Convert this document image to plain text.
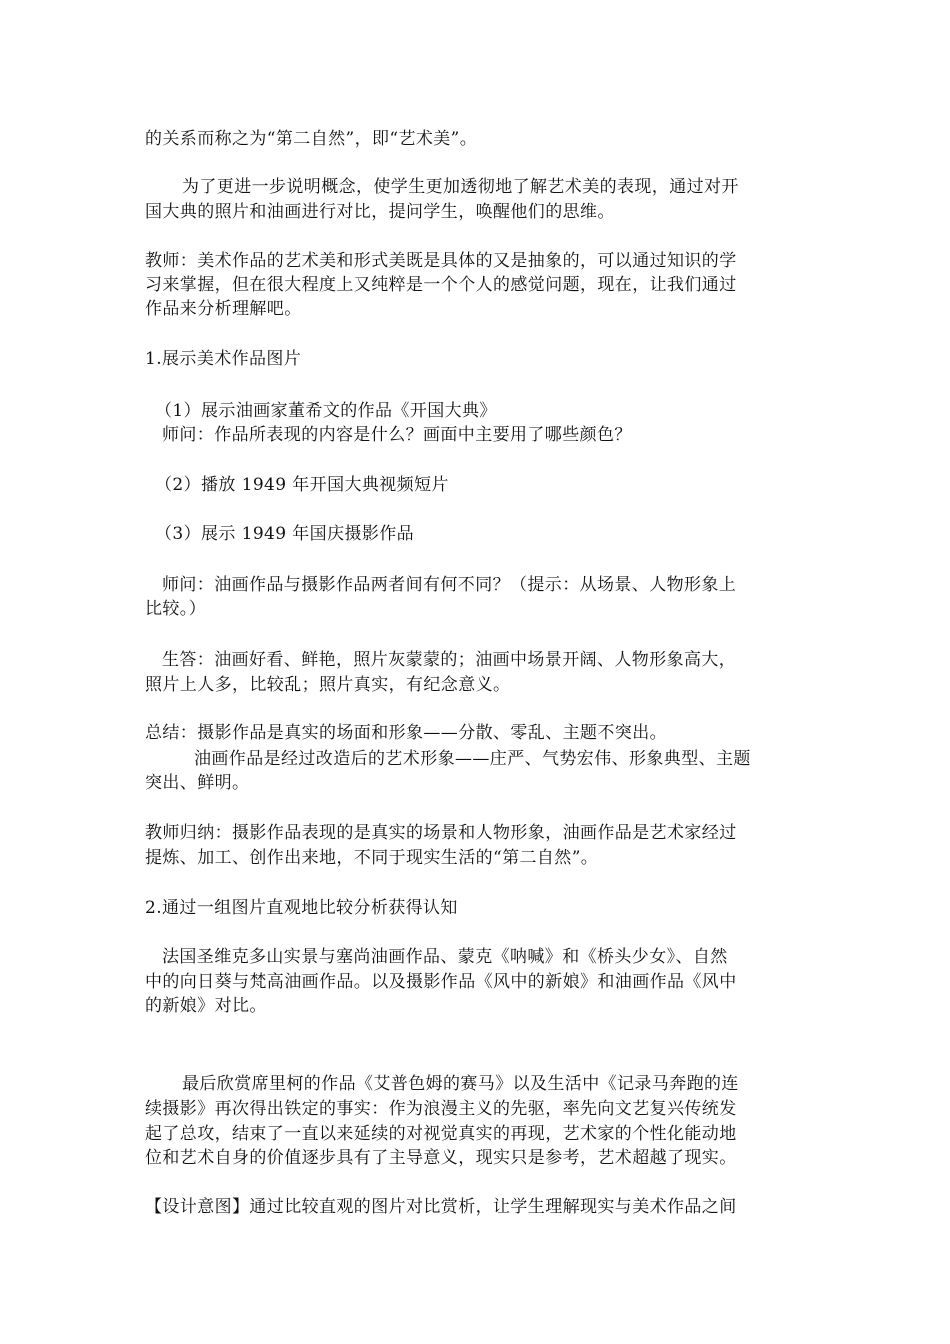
的关系而称之为“第二自然”，即“艺术美”。
为了更进一步说明概念，使学生更加透彻地了解艺术美的表现，通过对开
国大典的照片和油画进行对比，提问学生，唤醒他们的思维。
教师：美术作品的艺术美和形式美既是具体的又是抽象的，可以通过知识的学
习来掌握，但在很大程度上又纯粹是一个个人的感觉问题，现在，让我们通过
作品来分析理解吧。
1.展示美术作品图片
（1）展示油画家董希文的作品《开国大典》
师问：作品所表现的内容是什么？画面中主要用了哪些颜色？
（2）播放 1949 年开国大典视频短片
（3）展示 1949 年国庆摄影作品
师问：油画作品与摄影作品两者间有何不同？（提示：从场景、人物形象上
比较。）
生答：油画好看、鲜艳，照片灰蒙蒙的；油画中场景开阔、人物形象高大，
照片上人多，比较乱；照片真实，有纪念意义。
总结：摄影作品是真实的场面和形象——分散、零乱、主题不突出。
油画作品是经过改造后的艺术形象——庄严、气势宏伟、形象典型、主题
突出、鲜明。
教师归纳：摄影作品表现的是真实的场景和人物形象，油画作品是艺术家经过
提炼、加工、创作出来地，不同于现实生活的“第二自然”。
2.通过一组图片直观地比较分析获得认知
法国圣维克多山实景与塞尚油画作品、蒙克《呐喊》和《桥头少女》、自然
中的向日葵与梵高油画作品。以及摄影作品《风中的新娘》和油画作品《风中
的新娘》对比。
最后欣赏席里柯的作品《艾普色姆的赛马》以及生活中《记录马奔跑的连
续摄影》再次得出铁定的事实：作为浪漫主义的先驱，率先向文艺复兴传统发
起了总攻，结束了一直以来延续的对视觉真实的再现，艺术家的个性化能动地
位和艺术自身的价值逐步具有了主导意义，现实只是参考，艺术超越了现实。
【设计意图】通过比较直观的图片对比赏析，让学生理解现实与美术作品之间
